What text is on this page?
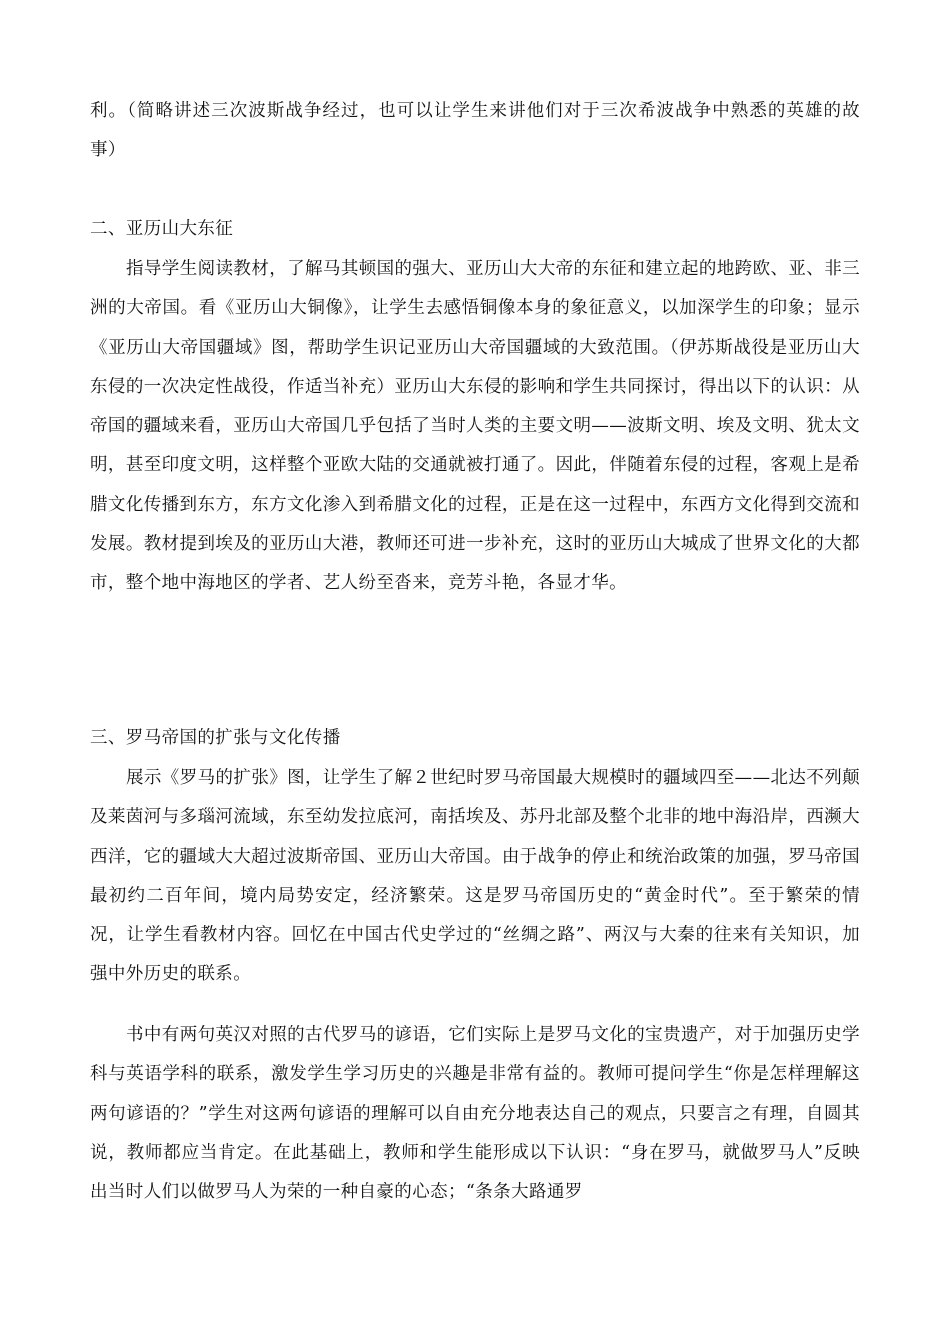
利。（简略讲述三次波斯战争经过，也可以让学生来讲他们对于三次希波战争中熟悉的英雄的故事）

二、亚历山大东征

指导学生阅读教材，了解马其顿国的强大、亚历山大大帝的东征和建立起的地跨欧、亚、非三洲的大帝国。看《亚历山大铜像》，让学生去感悟铜像本身的象征意义，以加深学生的印象；显示《亚历山大帝国疆域》图，帮助学生识记亚历山大帝国疆域的大致范围。（伊苏斯战役是亚历山大东侵的一次决定性战役，作适当补充）亚历山大东侵的影响和学生共同探讨，得出以下的认识：从帝国的疆域来看，亚历山大帝国几乎包括了当时人类的主要文明——波斯文明、埃及文明、犹太文明，甚至印度文明，这样整个亚欧大陆的交通就被打通了。因此，伴随着东侵的过程，客观上是希腊文化传播到东方，东方文化渗入到希腊文化的过程，正是在这一过程中，东西方文化得到交流和发展。教材提到埃及的亚历山大港，教师还可进一步补充，这时的亚历山大城成了世界文化的大都市，整个地中海地区的学者、艺人纷至沓来，竞芳斗艳，各显才华。

三、罗马帝国的扩张与文化传播

展示《罗马的扩张》图，让学生了解２世纪时罗马帝国最大规模时的疆域四至——北达不列颠及莱茵河与多瑙河流域，东至幼发拉底河，南括埃及、苏丹北部及整个北非的地中海沿岸，西濒大西洋，它的疆域大大超过波斯帝国、亚历山大帝国。由于战争的停止和统治政策的加强，罗马帝国最初约二百年间，境内局势安定，经济繁荣。这是罗马帝国历史的“黄金时代”。至于繁荣的情况，让学生看教材内容。回忆在中国古代史学过的“丝绸之路”、两汉与大秦的往来有关知识，加强中外历史的联系。

书中有两句英汉对照的古代罗马的谚语，它们实际上是罗马文化的宝贵遗产，对于加强历史学科与英语学科的联系，激发学生学习历史的兴趣是非常有益的。教师可提问学生“你是怎样理解这两句谚语的？”学生对这两句谚语的理解可以自由充分地表达自己的观点，只要言之有理，自圆其说，教师都应当肯定。在此基础上，教师和学生能形成以下认识：“身在罗马，就做罗马人”反映出当时人们以做罗马人为荣的一种自豪的心态；“条条大路通罗
